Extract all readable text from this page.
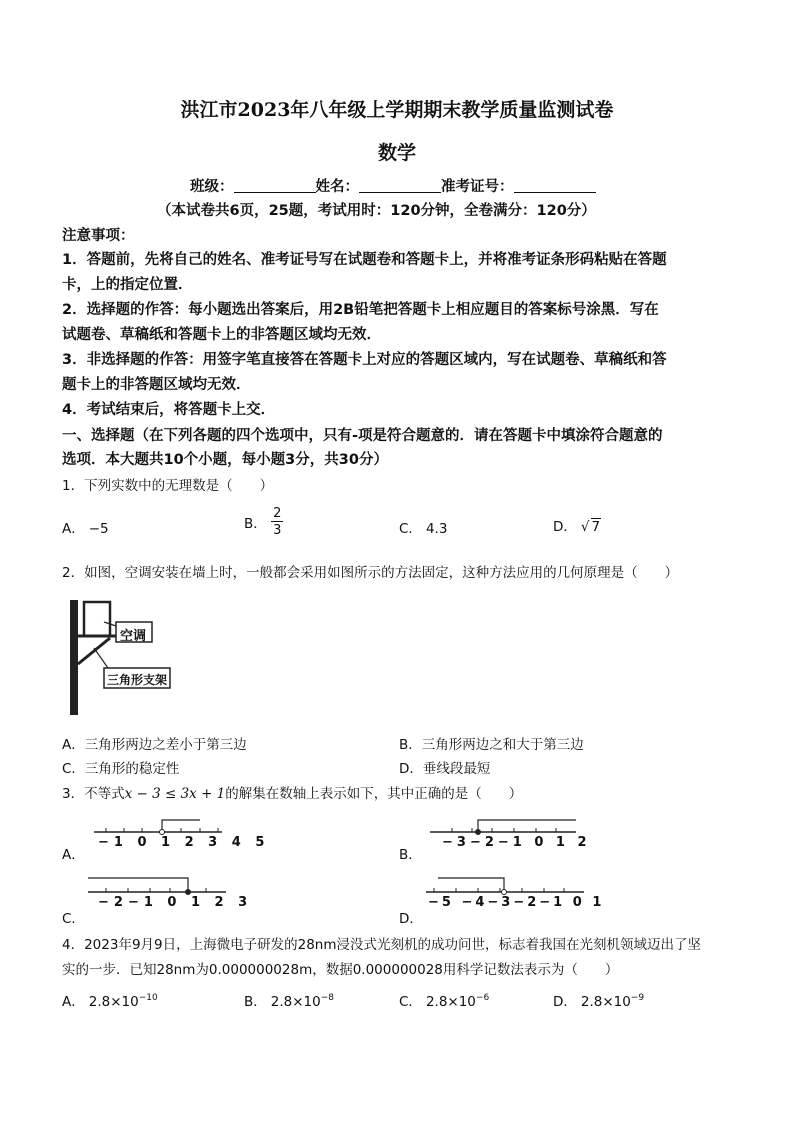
洪江市2023年八年级上学期期末教学质量监测试卷
数学
班级：	姓名：	准考证号：
（本试卷共6页，25题，考试用时：120分钟，全卷满分：120分）
注意事项：
1．答题前，先将自己的姓名、准考证号写在试题卷和答题卡上，并将准考证条形码粘贴在答题
卡，上的指定位置．
2．选择题的作答：每小题选出答案后，用2B铅笔把答题卡上相应题目的答案标号涂黑．写在
试题卷、草稿纸和答题卡上的非答题区域均无效．
3．非选择题的作答：用签字笔直接答在答题卡上对应的答题区域内，写在试题卷、草稿纸和答
题卡上的非答题区域均无效．
4．考试结束后，将答题卡上交．
一、选择题（在下列各题的四个选项中，只有-项是符合题意的．请在答题卡中填涂符合题意的
选项．本大题共10个小题，每小题3分，共30分）
1．下列实数中的无理数是（　　）
A． −5	B． $\frac{2}{3}$	C． 4.3	D． √ 7
2．如图，空调安装在墙上时，一般都会采用如图所示的方法固定，这种方法应用的几何原理是（　　）
空调
三角形支架
A．三角形两边之差小于第三边	B．三角形两边之和大于第三边
C．三角形的稳定性	D．垂线段最短
3．不等式x − 3 ≤ 3x + 1的解集在数轴上表示如下，其中正确的是（　　）
A．
−1 0 1 2 3 4 5
B．
−3−2−1 0 1 2
C．
−2−1 0 1 2 3
D．
−5 −4−3−2−1 0 1
4．2023年9月9日，上海微电子研发的28nm浸没式光刻机的成功问世，标志着我国在光刻机领域迈出了坚
实的一步．已知28nm为0.000000028m，数据0.000000028用科学记数法表示为（　　）
A． $2.8\times 10^{-10}$	B． $2.8\times 10^{-8}$	C． $2.8\times 10^{-6}$	D． $2.8\times 10^{-9}$
